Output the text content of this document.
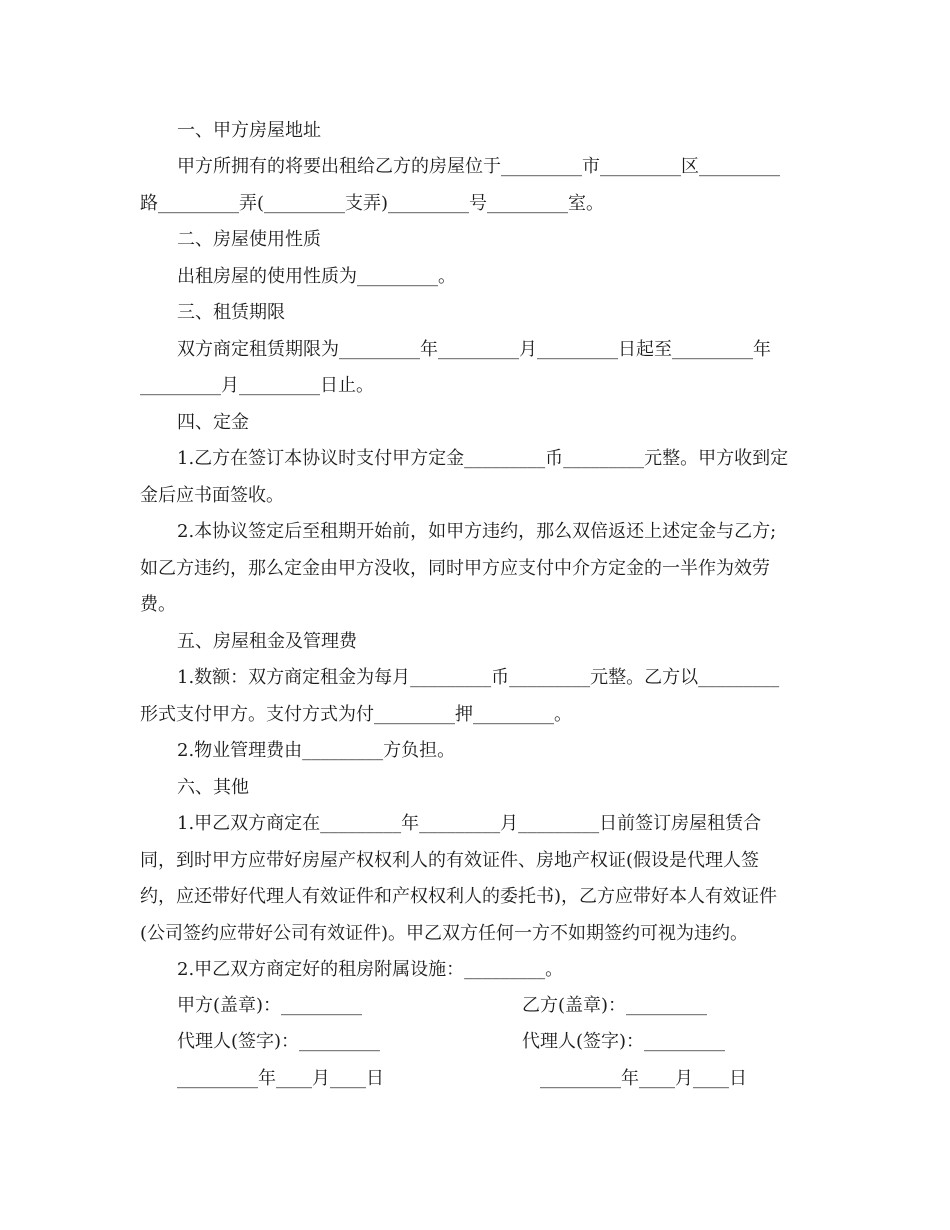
一、甲方房屋地址
甲方所拥有的将要出租给乙方的房屋位于_________市_________区_________
路_________弄(_________支弄)_________号_________室。
二、房屋使用性质
出租房屋的使用性质为_________。
三、租赁期限
双方商定租赁期限为_________年_________月_________日起至_________年
_________月_________日止。
四、定金
1.乙方在签订本协议时支付甲方定金_________币_________元整。甲方收到定
金后应书面签收。
2.本协议签定后至租期开始前，如甲方违约，那么双倍返还上述定金与乙方;
如乙方违约，那么定金由甲方没收，同时甲方应支付中介方定金的一半作为效劳
费。
五、房屋租金及管理费
1.数额：双方商定租金为每月_________币_________元整。乙方以_________
形式支付甲方。支付方式为付_________押_________。
2.物业管理费由_________方负担。
六、其他
1.甲乙双方商定在_________年_________月_________日前签订房屋租赁合
同，到时甲方应带好房屋产权权利人的有效证件、房地产权证(假设是代理人签
约，应还带好代理人有效证件和产权权利人的委托书)，乙方应带好本人有效证件
(公司签约应带好公司有效证件)。甲乙双方任何一方不如期签约可视为违约。
2.甲乙双方商定好的租房附属设施：_________。
甲方(盖章)：_________	乙方(盖章)：_________
代理人(签字)：_________	代理人(签字)：_________
_________年____月____日	_________年____月____日
